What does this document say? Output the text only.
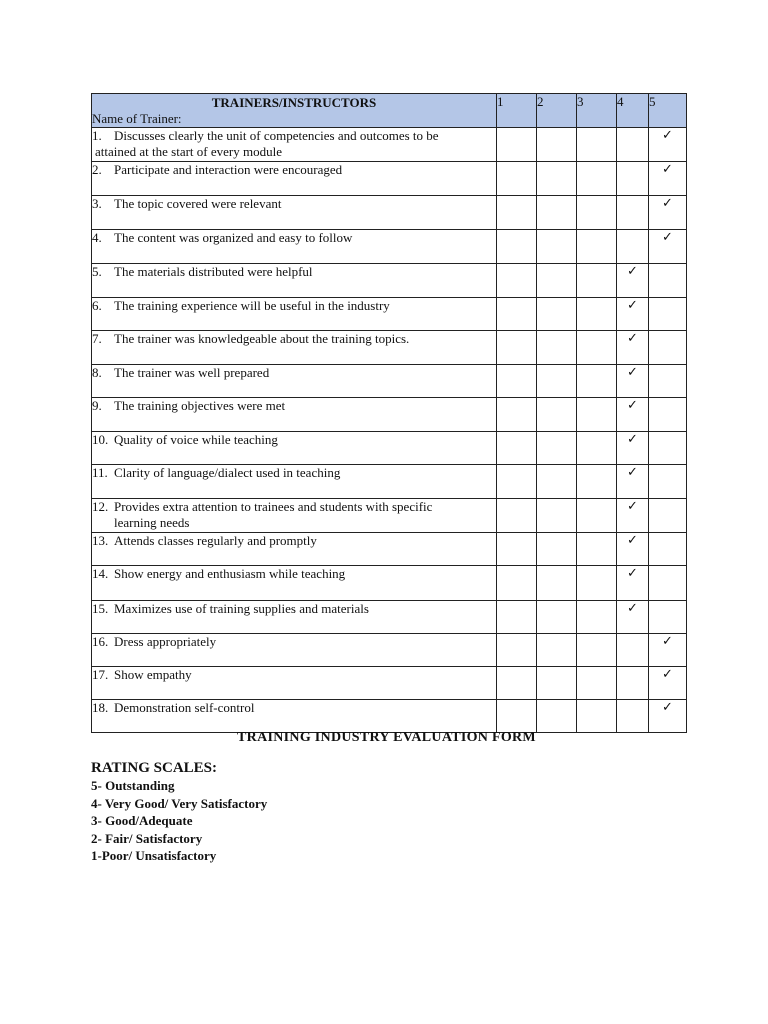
TRAINERS/INSTRUCTORS
Name of Trainer:	1	2	3	4	5

1. Discusses clearly the unit of competencies and outcomes to be
attained at the start of every module					✓

2. Participate and interaction were encouraged					✓

3. The topic covered were relevant					✓

4. The content was organized and easy to follow					✓

5. The materials distributed were helpful				✓	

6. The training experience will be useful in the industry				✓	

7. The trainer was knowledgeable about the training topics.				✓	

8. The trainer was well prepared				✓	

9. The training objectives were met				✓	

10. Quality of voice while teaching				✓	

11. Clarity of language/dialect used in teaching				✓	

12. Provides extra attention to trainees and students with specific
learning needs				✓	

13. Attends classes regularly and promptly				✓	

14. Show energy and enthusiasm while teaching				✓	

15. Maximizes use of training supplies and materials				✓	

16. Dress appropriately					✓

17. Show empathy					✓

18. Demonstration self-control					✓
TRAINING INDUSTRY EVALUATION FORM
RATING SCALES:
5- Outstanding
4- Very Good/ Very Satisfactory
3- Good/Adequate
2- Fair/ Satisfactory
1-Poor/ Unsatisfactory
